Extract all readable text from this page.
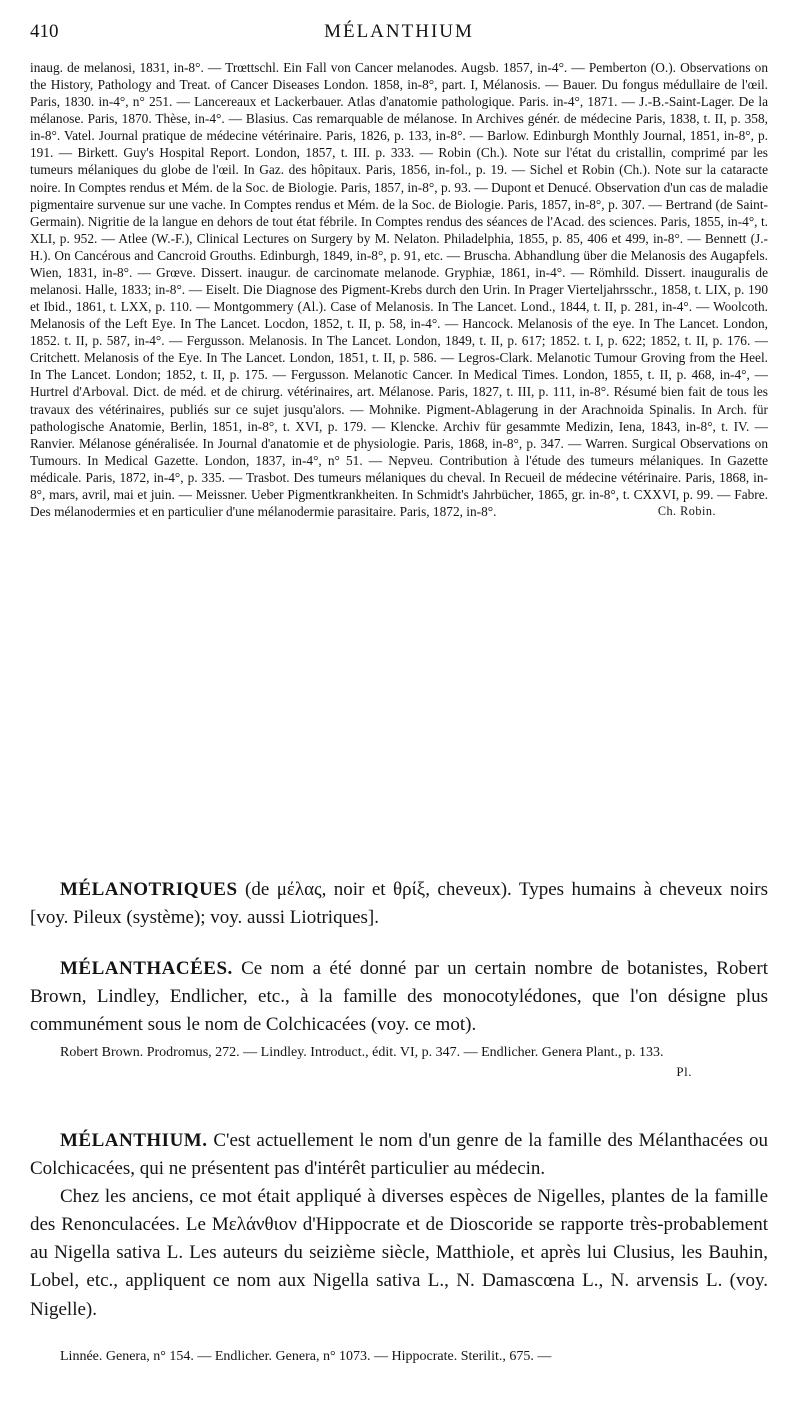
410	MÉLANTHIUM

inaug. de melanosi, 1831, in-8°. — Trœttschl. Ein Fall von Cancer melanodes. Augsb. 1857, in-4°. — Pemberton (O.). Observations on the History, Pathology and Treat. of Cancer Diseases London. 1858, in-8°, part. I, Mélanosis. — Bauer. Du fongus médullaire de l'œil. Paris, 1830. in-4°, n° 251. — Lancereaux et Lackerbauer. Atlas d'anatomie pathologique. Paris. in-4°, 1871. — J.-B.-Saint-Lager. De la mélanose. Paris, 1870. Thèse, in-4°. — Blasius. Cas remarquable de mélanose. In Archives génér. de médecine Paris, 1838, t. II, p. 358, in-8°. Vatel. Journal pratique de médecine vétérinaire. Paris, 1826, p. 133, in-8°. — Barlow. Edinburgh Monthly Journal, 1851, in-8°, p. 191. — Birkett. Guy's Hospital Report. London, 1857, t. III. p. 333. — Robin (Ch.). Note sur l'état du cristallin, comprimé par les tumeurs mélaniques du globe de l'œil. In Gaz. des hôpitaux. Paris, 1856, in-fol., p. 19. — Sichel et Robin (Ch.). Note sur la cataracte noire. In Comptes rendus et Mém. de la Soc. de Biologie. Paris, 1857, in-8°, p. 93. — Dupont et Denucé. Observation d'un cas de maladie pigmentaire survenue sur une vache. In Comptes rendus et Mém. de la Soc. de Biologie. Paris, 1857, in-8°, p. 307. — Bertrand (de Saint-Germain). Nigritie de la langue en dehors de tout état fébrile. In Comptes rendus des séances de l'Acad. des sciences. Paris, 1855, in-4°, t. XLI, p. 952. — Atlee (W.-F.), Clinical Lectures on Surgery by M. Nelaton. Philadelphia, 1855, p. 85, 406 et 499, in-8°. — Bennett (J.-H.). On Cancérous and Cancroid Grouths. Edinburgh, 1849, in-8°, p. 91, etc. — Bruscha. Abhandlung über die Melanosis des Augapfels. Wien, 1831, in-8°. — Grœve. Dissert. inaugur. de carcinomate melanode. Gryphiæ, 1861, in-4°. — Römhild. Dissert. inauguralis de melanosi. Halle, 1833; in-8°. — Eiselt. Die Diagnose des Pigment-Krebs durch den Urin. In Prager Vierteljahrsschr., 1858, t. LIX, p. 190 et Ibid., 1861, t. LXX, p. 110. — Montgommery (Al.). Case of Melanosis. In The Lancet. Lond., 1844, t. II, p. 281, in-4°. — Woolcoth. Melanosis of the Left Eye. In The Lancet. Locdon, 1852, t. II, p. 58, in-4°. — Hancock. Melanosis of the eye. In The Lancet. London, 1852. t. II, p. 587, in-4°. — Fergusson. Melanosis. In The Lancet. London, 1849, t. II, p. 617; 1852. t. I, p. 622; 1852, t. II, p. 176. — Critchett. Melanosis of the Eye. In The Lancet. London, 1851, t. II, p. 586. — Legros-Clark. Melanotic Tumour Groving from the Heel. In The Lancet. London; 1852, t. II, p. 175. — Fergusson. Melanotic Cancer. In Medical Times. London, 1855, t. II, p. 468, in-4°, — Hurtrel d'Arboval. Dict. de méd. et de chirurg. vétérinaires, art. Mélanose. Paris, 1827, t. III, p. 111, in-8°. Résumé bien fait de tous les travaux des vétérinaires, publiés sur ce sujet jusqu'alors. — Mohnike. Pigment-Ablagerung in der Arachnoida Spinalis. In Arch. für pathologische Anatomie, Berlin, 1851, in-8°, t. XVI, p. 179. — Klencke. Archiv für gesammte Medizin, Iena, 1843, in-8°, t. IV. — Ranvier. Mélanose généralisée. In Journal d'anatomie et de physiologie. Paris, 1868, in-8°, p. 347. — Warren. Surgical Observations on Tumours. In Medical Gazette. London, 1837, in-4°, n° 51. — Nepveu. Contribution à l'étude des tumeurs mélaniques. In Gazette médicale. Paris, 1872, in-4°, p. 335. — Trasbot. Des tumeurs mélaniques du cheval. In Recueil de médecine vétérinaire. Paris, 1868, in-8°, mars, avril, mai et juin. — Meissner. Ueber Pigmentkrankheiten. In Schmidt's Jahrbücher, 1865, gr. in-8°, t. CXXVI, p. 99. — Fabre. Des mélanodermies et en particulier d'une mélanodermie parasitaire. Paris, 1872, in-8°.	Ch. Robin.

MÉLANOTRIQUES (de μέλας, noir et θρίξ, cheveux). Types humains à cheveux noirs [voy. Pileux (système); voy. aussi Liotriques].

MÉLANTHACÉES. Ce nom a été donné par un certain nombre de botanistes, Robert Brown, Lindley, Endlicher, etc., à la famille des monocotylédones, que l'on désigne plus communément sous le nom de Colchicacées (voy. ce mot).

Robert Brown. Prodromus, 272. — Lindley. Introduct., édit. VI, p. 347. — Endlicher. Genera Plant., p. 133.
Pl.

MÉLANTHIUM. C'est actuellement le nom d'un genre de la famille des Mélanthacées ou Colchicacées, qui ne présentent pas d'intérêt particulier au médecin.

Chez les anciens, ce mot était appliqué à diverses espèces de Nigelles, plantes de la famille des Renonculacées. Le Μελάνθιον d'Hippocrate et de Dioscoride se rapporte très-probablement au Nigella sativa L. Les auteurs du seizième siècle, Matthiole, et après lui Clusius, les Bauhin, Lobel, etc., appliquent ce nom aux Nigella sativa L., N. Damascœna L., N. arvensis L. (voy. Nigelle).

Linnée. Genera, n° 154. — Endlicher. Genera, n° 1073. — Hippocrate. Sterilit., 675. —
